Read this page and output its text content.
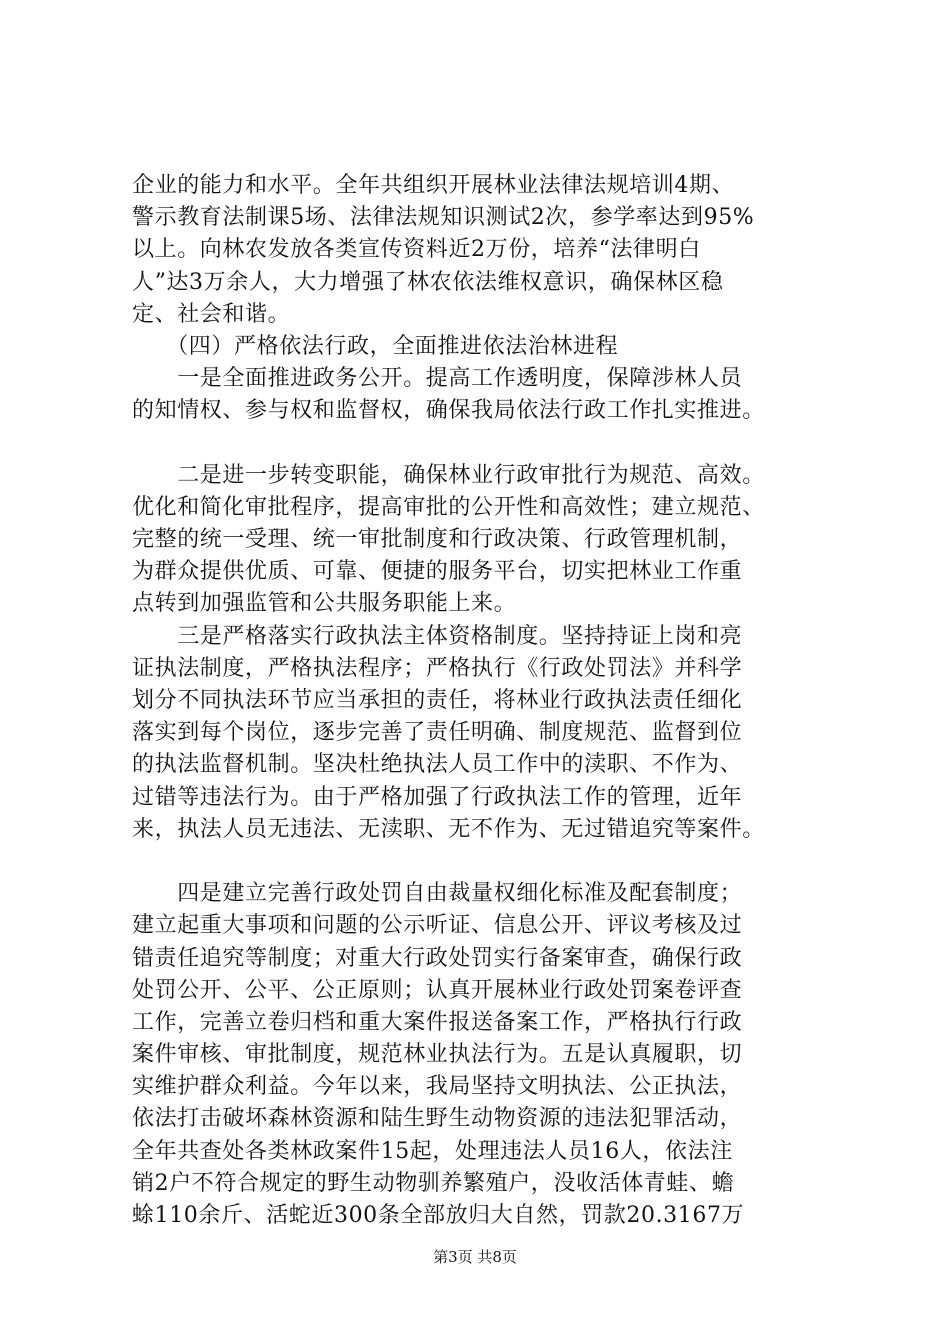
企业的能力和水平。全年共组织开展林业法律法规培训4期、
警示教育法制课5场、法律法规知识测试2次，参学率达到95%
以上。向林农发放各类宣传资料近2万份，培养“法律明白
人”达3万余人，大力增强了林农依法维权意识，确保林区稳
定、社会和谐。
　　（四）严格依法行政，全面推进依法治林进程
　　一是全面推进政务公开。提高工作透明度，保障涉林人员
的知情权、参与权和监督权，确保我局依法行政工作扎实推进。
　　二是进一步转变职能，确保林业行政审批行为规范、高效。
优化和简化审批程序，提高审批的公开性和高效性；建立规范、
完整的统一受理、统一审批制度和行政决策、行政管理机制，
为群众提供优质、可靠、便捷的服务平台，切实把林业工作重
点转到加强监管和公共服务职能上来。
　　三是严格落实行政执法主体资格制度。坚持持证上岗和亮
证执法制度，严格执法程序；严格执行《行政处罚法》并科学
划分不同执法环节应当承担的责任，将林业行政执法责任细化
落实到每个岗位，逐步完善了责任明确、制度规范、监督到位
的执法监督机制。坚决杜绝执法人员工作中的渎职、不作为、
过错等违法行为。由于严格加强了行政执法工作的管理，近年
来，执法人员无违法、无渎职、无不作为、无过错追究等案件。
　　四是建立完善行政处罚自由裁量权细化标准及配套制度；
建立起重大事项和问题的公示听证、信息公开、评议考核及过
错责任追究等制度；对重大行政处罚实行备案审查，确保行政
处罚公开、公平、公正原则；认真开展林业行政处罚案卷评查
工作，完善立卷归档和重大案件报送备案工作，严格执行行政
案件审核、审批制度，规范林业执法行为。五是认真履职，切
实维护群众利益。今年以来，我局坚持文明执法、公正执法，
依法打击破坏森林资源和陆生野生动物资源的违法犯罪活动，
全年共查处各类林政案件15起，处理违法人员16人，依法注
销2户不符合规定的野生动物驯养繁殖户，没收活体青蛙、蟾
蜍110余斤、活蛇近300条全部放归大自然，罚款20.3167万
第3页 共8页
